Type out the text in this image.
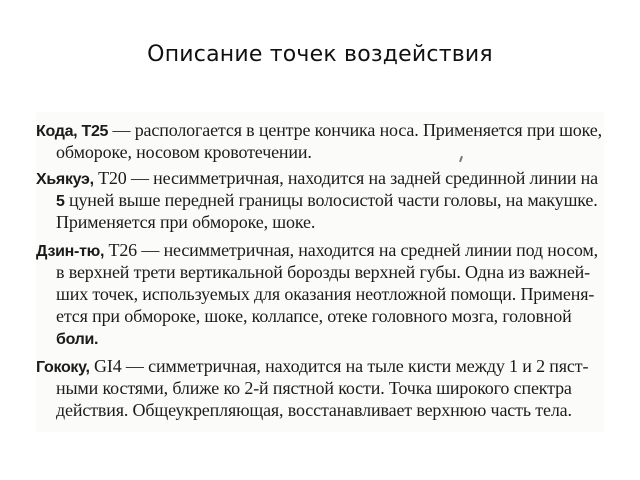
Описание точек воздействия
Кода, Т25 — распологается в центре кончика носа. Применяется при шоке,
обмороке, носовом кровотечении.
Хьякуэ, Т20 — несимметричная, находится на задней срединной линии на
5 цуней выше передней границы волосистой части головы, на макушке.
Применяется при обмороке, шоке.
Дзин-тю, Т26 — несимметричная, находится на средней линии под носом,
в верхней трети вертикальной борозды верхней губы. Одна из важней-
ших точек, используемых для оказания неотложной помощи. Применя-
ется при обмороке, шоке, коллапсе, отеке головного мозга, головной
боли.
Гококу, GI4 — симметричная, находится на тыле кисти между 1 и 2 пяст-
ными костями, ближе ко 2-й пястной кости. Точка широкого спектра
действия. Общеукрепляющая, восстанавливает верхнюю часть тела.
